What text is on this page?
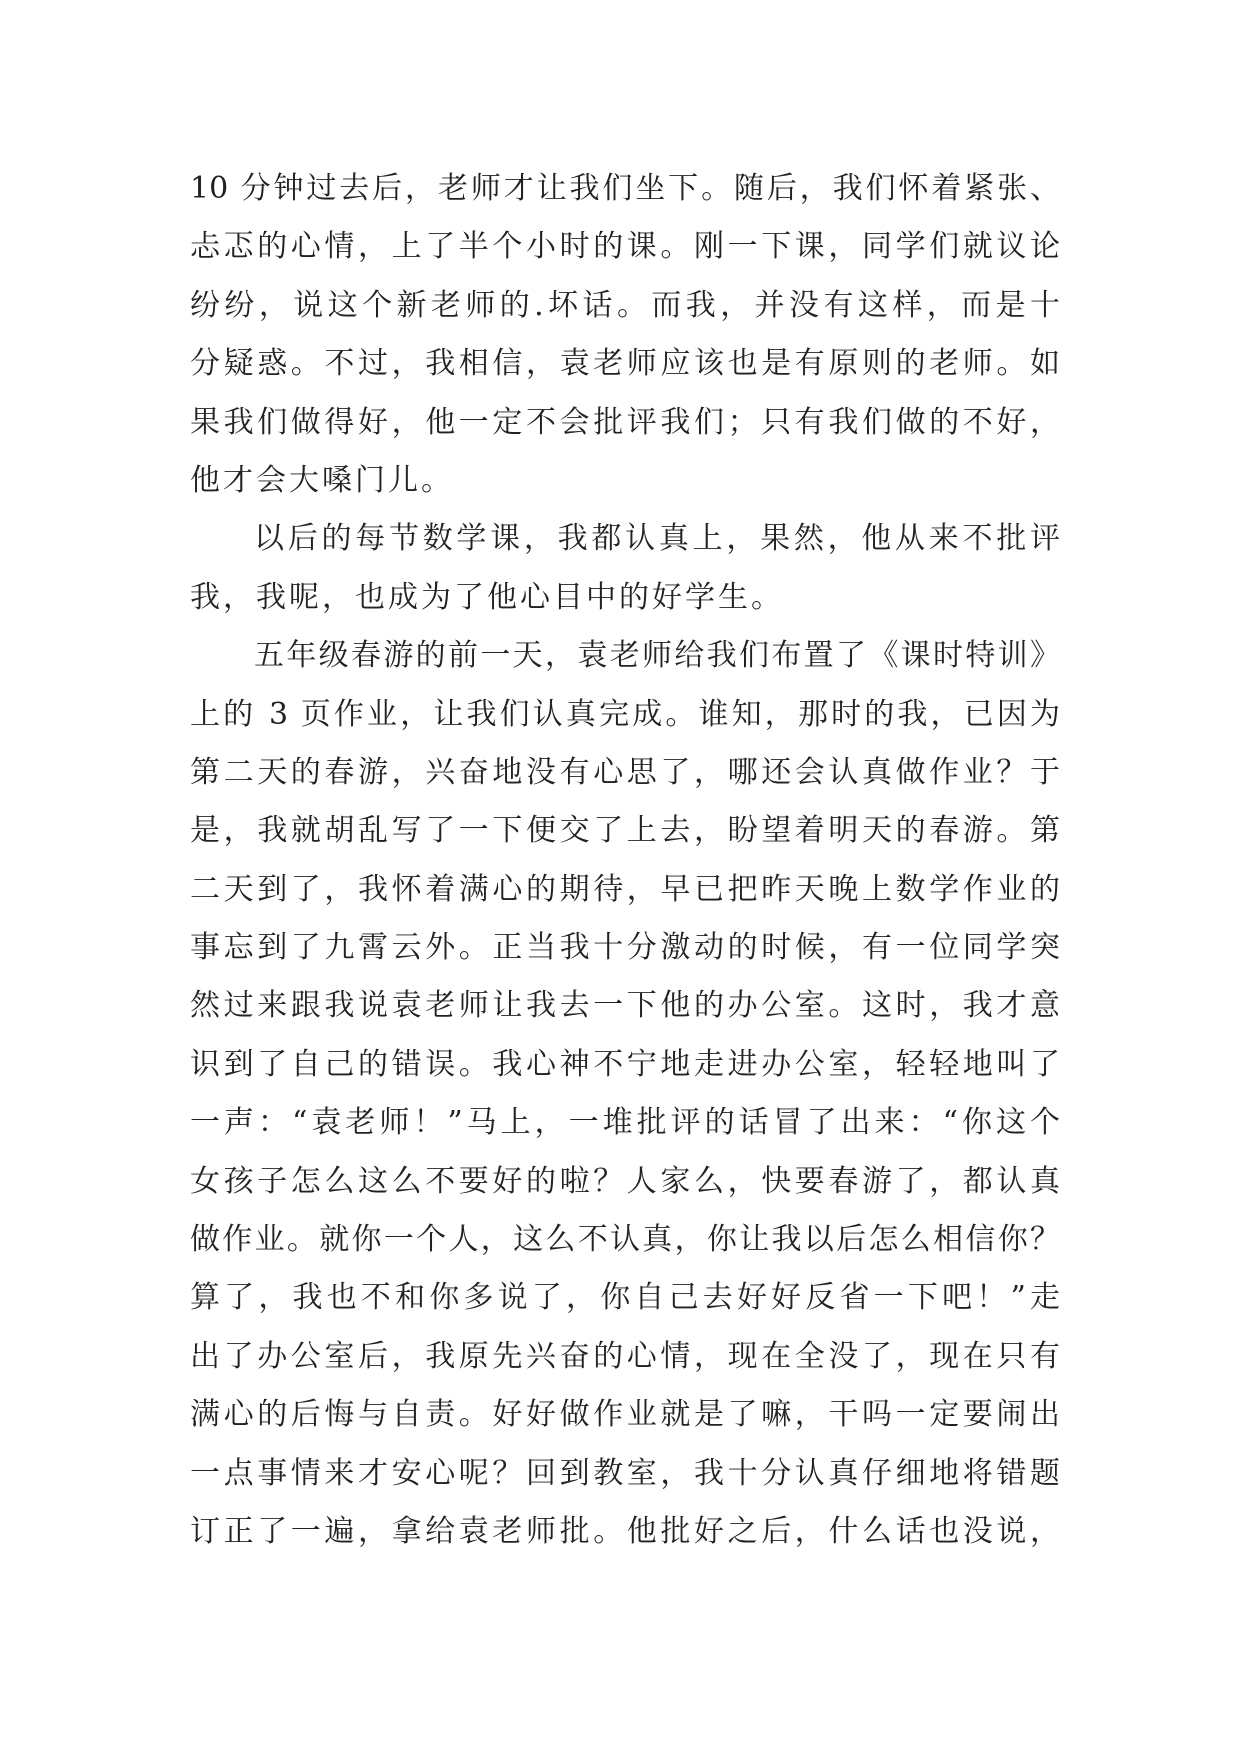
10 分钟过去后，老师才让我们坐下。随后，我们怀着紧张、
忐忑的心情，上了半个小时的课。刚一下课，同学们就议论
纷纷，说这个新老师的.坏话。而我，并没有这样，而是十
分疑惑。不过，我相信，袁老师应该也是有原则的老师。如
果我们做得好，他一定不会批评我们；只有我们做的不好，
他才会大嗓门儿。
以后的每节数学课，我都认真上，果然，他从来不批评
我，我呢，也成为了他心目中的好学生。
五年级春游的前一天，袁老师给我们布置了《课时特训》
上的 3 页作业，让我们认真完成。谁知，那时的我，已因为
第二天的春游，兴奋地没有心思了，哪还会认真做作业？于
是，我就胡乱写了一下便交了上去，盼望着明天的春游。第
二天到了，我怀着满心的期待，早已把昨天晚上数学作业的
事忘到了九霄云外。正当我十分激动的时候，有一位同学突
然过来跟我说袁老师让我去一下他的办公室。这时，我才意
识到了自己的错误。我心神不宁地走进办公室，轻轻地叫了
一声：“袁老师！”马上，一堆批评的话冒了出来：“你这个
女孩子怎么这么不要好的啦？人家么，快要春游了，都认真
做作业。就你一个人，这么不认真，你让我以后怎么相信你？
算了，我也不和你多说了，你自己去好好反省一下吧！”走
出了办公室后，我原先兴奋的心情，现在全没了，现在只有
满心的后悔与自责。好好做作业就是了嘛，干吗一定要闹出
一点事情来才安心呢？回到教室，我十分认真仔细地将错题
订正了一遍，拿给袁老师批。他批好之后，什么话也没说，
